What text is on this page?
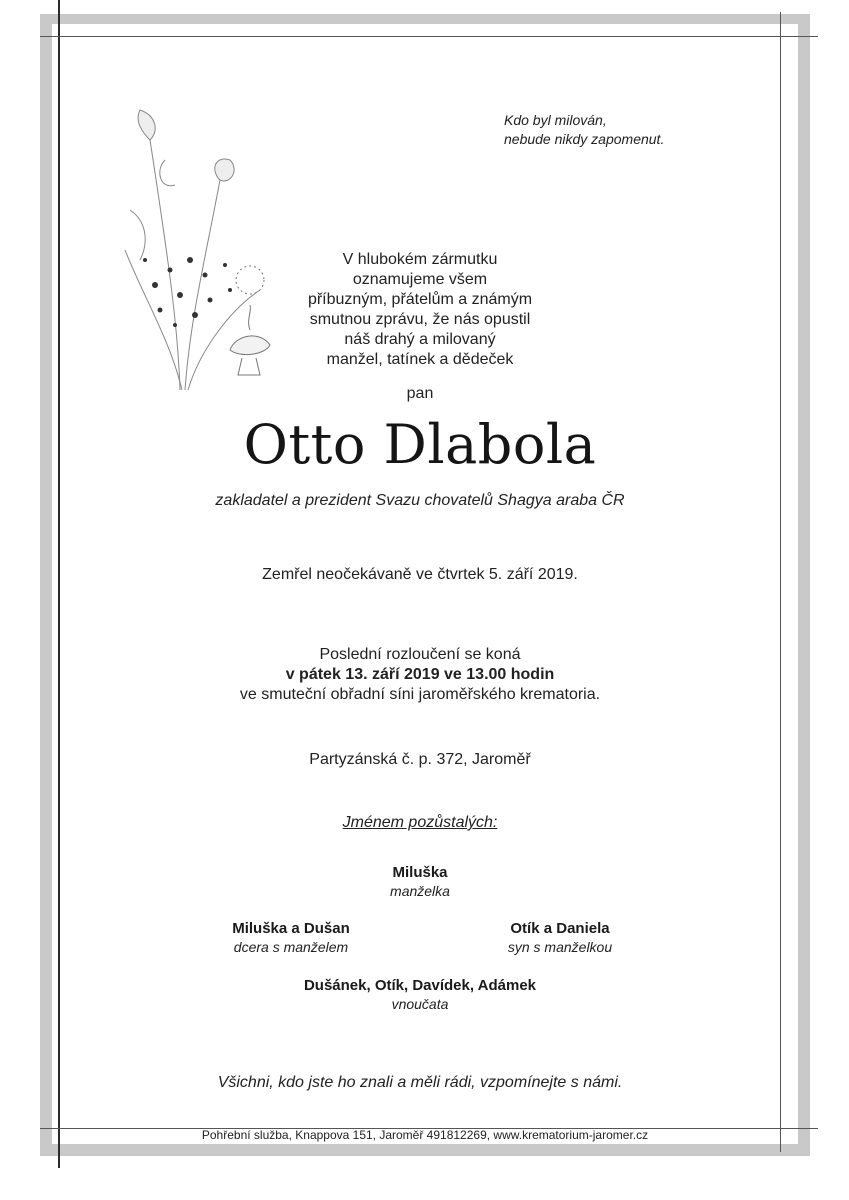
Kdo byl milován,
nebude nikdy zapomenut.
V hlubokém zármutku
oznamujeme všem
příbuzným, přátelům a známým
smutnou zprávu, že nás opustil
náš drahý a milovaný
manžel, tatínek a dědeček
pan
Otto Dlabola
zakladatel a prezident Svazu chovatelů Shagya araba ČR
Zemřel neočekávaně ve čtvrtek 5. září 2019.
Poslední rozloučení se koná
v pátek 13. září 2019 ve 13.00 hodin
ve smuteční obřadní síni jaroměřského krematoria.
Partyzánská č. p. 372, Jaroměř
Jménem pozůstalých:
Miluška
manželka
Miluška a Dušan
dcera s manželem
Otík a Daniela
syn s manželkou
Dušánek, Otík, Davídek, Adámek
vnoučata
Všichni, kdo jste ho znali a měli rádi, vzpomínejte s námi.
Pohřební služba, Knappova 151, Jaroměř 491812269, www.krematorium-jaromer.cz
